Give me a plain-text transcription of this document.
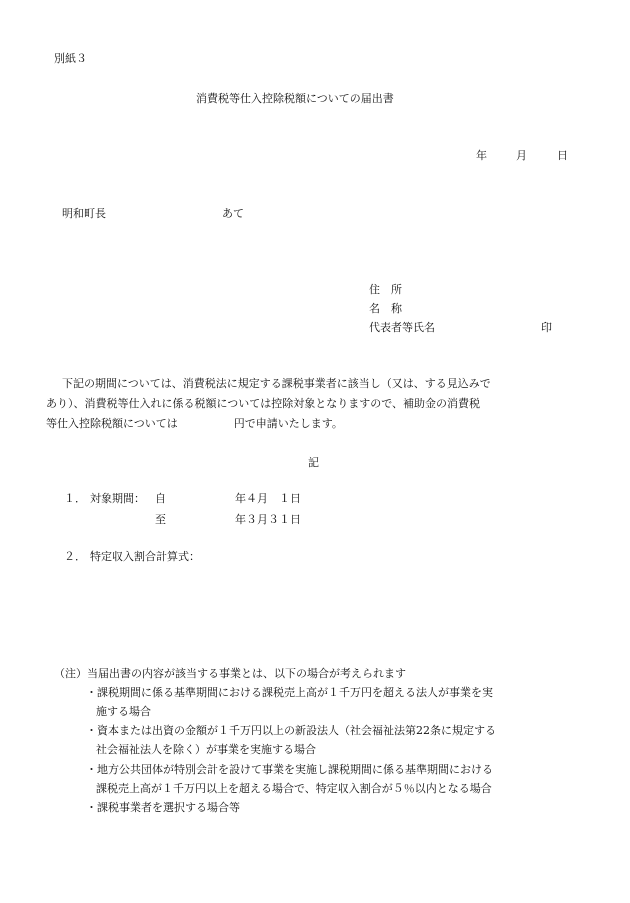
別紙３
消費税等仕入控除税額についての届出書
年	月	日
明和町長	あて
住　所
名　称
代表者等氏名	印
下記の期間については、消費税法に規定する課税事業者に該当し（又は、する見込みで
あり）、消費税等仕入れに係る税額については控除対象となりますので、補助金の消費税
等仕入控除税額については	円で申請いたします。
記
１． 対象期間： 自	年４月　１日
至	年３月３１日
２． 特定収入割合計算式：
（注）当届出書の内容が該当する事業とは、以下の場合が考えられます
・課税期間に係る基準期間における課税売上高が１千万円を超える法人が事業を実
施する場合
・資本または出資の金額が１千万円以上の新設法人（社会福祉法第22条に規定する
社会福祉法人を除く）が事業を実施する場合
・地方公共団体が特別会計を設けて事業を実施し課税期間に係る基準期間における
課税売上高が１千万円以上を超える場合で、特定収入割合が５％以内となる場合
・課税事業者を選択する場合等
